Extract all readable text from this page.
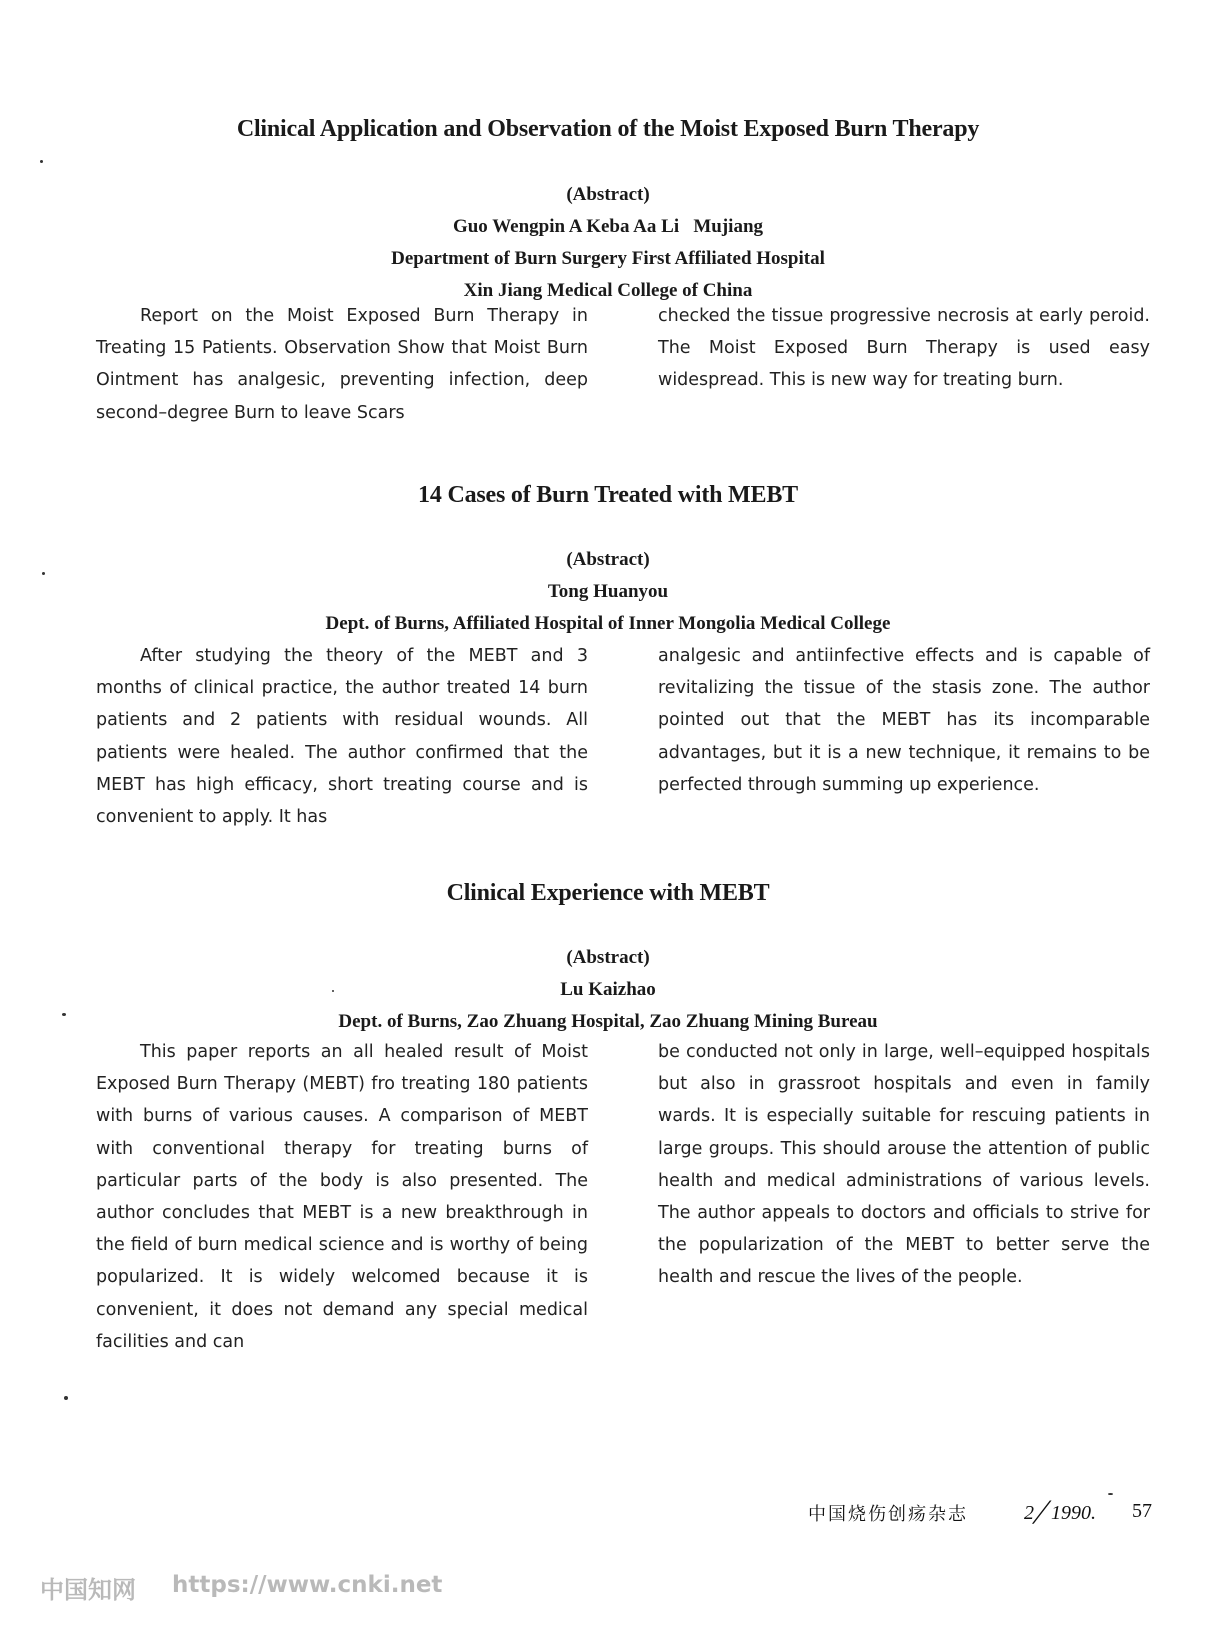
Clinical Application and Observation of the Moist Exposed Burn Therapy

(Abstract)

Guo Wengpin A Keba Aa Li   Mujiang

Department of Burn Surgery First Affiliated Hospital

Xin Jiang Medical College of China

Report on the Moist Exposed Burn Therapy in Treating 15 Patients. Observation Show that Moist Burn Ointment has analgesic, preventing infection, deep second–degree Burn to leave Scars
checked the tissue progressive necrosis at early peroid. The Moist Exposed Burn Therapy is used easy widespread. This is new way for treating burn.
14 Cases of Burn Treated with MEBT

(Abstract)

Tong Huanyou

Dept. of Burns, Affiliated Hospital of Inner Mongolia Medical College

After studying the theory of the MEBT and 3 months of clinical practice, the author treated 14 burn patients and 2 patients with residual wounds. All patients were healed. The author confirmed that the MEBT has high efficacy, short treating course and is convenient to apply. It has
analgesic and antiinfective effects and is capable of revitalizing the tissue of the stasis zone. The author pointed out that the MEBT has its incomparable advantages, but it is a new technique, it remains to be perfected through summing up experience.
Clinical Experience with MEBT

(Abstract)

Lu Kaizhao

Dept. of Burns, Zao Zhuang Hospital, Zao Zhuang Mining Bureau

This paper reports an all healed result of Moist Exposed Burn Therapy (MEBT) fro treating 180 patients with burns of various causes. A comparison of MEBT with conventional therapy for treating burns of particular parts of the body is also presented. The author concludes that MEBT is a new breakthrough in the field of burn medical science and is worthy of being popularized. It is widely welcomed because it is convenient, it does not demand any special medical facilities and can
be conducted not only in large, well–equipped hospitals but also in grassroot hospitals and even in family wards. It is especially suitable for rescuing patients in large groups. This should arouse the attention of public health and medical administrations of various levels. The author appeals to doctors and officials to strive for the popularization of the MEBT to better serve the health and rescue the lives of the people.
中国烧伤创疡杂志	2╱ 1990. 57
中国知网 https://www.cnki.net
